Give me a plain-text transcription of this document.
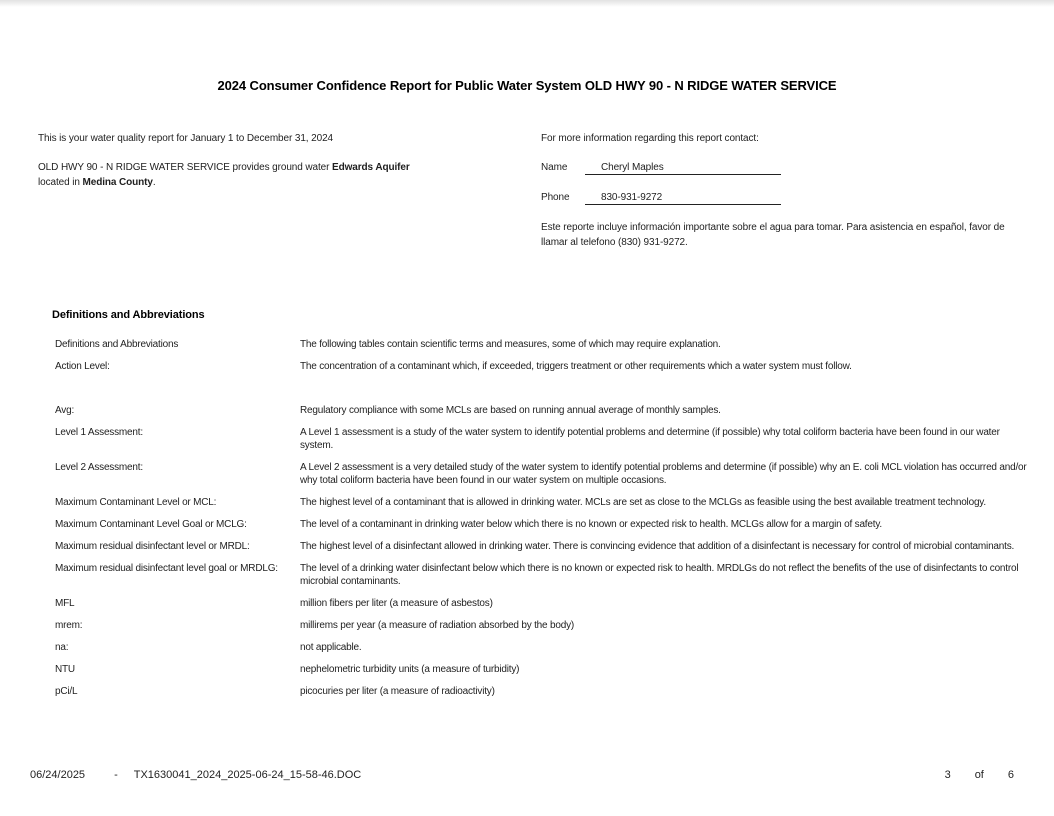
2024 Consumer Confidence Report for Public Water System OLD HWY 90 - N RIDGE WATER SERVICE
This is your water quality report for January 1 to December 31, 2024
OLD HWY 90 - N RIDGE WATER SERVICE provides ground water Edwards Aquifer
located in Medina County.
For more information regarding this report contact:
Name	Cheryl Maples
Phone	830-931-9272
Este reporte incluye información importante sobre el agua para tomar. Para asistencia en español, favor de llamar al telefono (830) 931-9272.
Definitions and Abbreviations
Definitions and Abbreviations	The following tables contain scientific terms and measures, some of which may require explanation.
Action Level:	The concentration of a contaminant which, if exceeded, triggers treatment or other requirements which a water system must follow.
Avg:	Regulatory compliance with some MCLs are based on running annual average of monthly samples.
Level 1 Assessment:	A Level 1 assessment is a study of the water system to identify potential problems and determine (if possible) why total coliform bacteria have been found in our water system.
Level 2 Assessment:	A Level 2 assessment is a very detailed study of the water system to identify potential problems and determine (if possible) why an E. coli MCL violation has occurred and/or why total coliform bacteria have been found in our water system on multiple occasions.
Maximum Contaminant Level or MCL:	The highest level of a contaminant that is allowed in drinking water. MCLs are set as close to the MCLGs as feasible using the best available treatment technology.
Maximum Contaminant Level Goal or MCLG:	The level of a contaminant in drinking water below which there is no known or expected risk to health. MCLGs allow for a margin of safety.
Maximum residual disinfectant level or MRDL:	The highest level of a disinfectant allowed in drinking water. There is convincing evidence that addition of a disinfectant is necessary for control of microbial contaminants.
Maximum residual disinfectant level goal or MRDLG:	The level of a drinking water disinfectant below which there is no known or expected risk to health. MRDLGs do not reflect the benefits of the use of disinfectants to control microbial contaminants.
MFL	million fibers per liter (a measure of asbestos)
mrem:	millirems per year (a measure of radiation absorbed by the body)
na:	not applicable.
NTU	nephelometric turbidity units (a measure of turbidity)
pCi/L	picocuries per liter (a measure of radioactivity)
06/24/2025	- TX1630041_2024_2025-06-24_15-58-46.DOC	3 of 6
